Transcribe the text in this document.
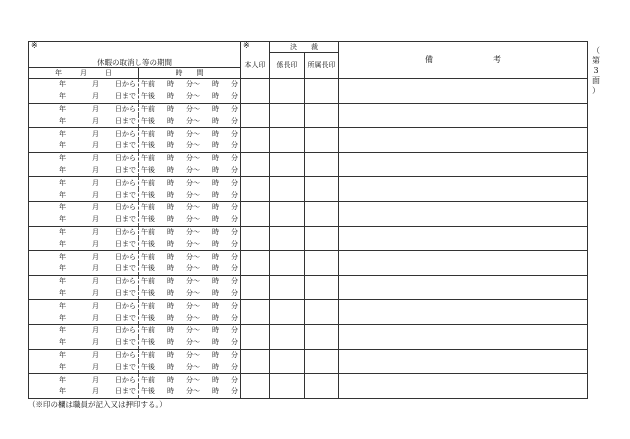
※		※	決　　裁		備 考
休暇の取消し等の期間		本人印	係長印	所属長印	

年 月 日	時　　間				

年 月 日から	午前 時 分～ 時 分				

年 月 日まで	午後 時 分～ 時 分				

年 月 日から	午前 時 分～ 時 分				

年 月 日まで	午後 時 分～ 時 分				

年 月 日から	午前 時 分～ 時 分				

年 月 日まで	午後 時 分～ 時 分				

年 月 日から	午前 時 分～ 時 分				

年 月 日まで	午後 時 分～ 時 分				

年 月 日から	午前 時 分～ 時 分				

年 月 日まで	午後 時 分～ 時 分				

年 月 日から	午前 時 分～ 時 分				

年 月 日まで	午後 時 分～ 時 分				

年 月 日から	午前 時 分～ 時 分				

年 月 日まで	午後 時 分～ 時 分				

年 月 日から	午前 時 分～ 時 分				

年 月 日まで	午後 時 分～ 時 分				

年 月 日から	午前 時 分～ 時 分				

年 月 日まで	午後 時 分～ 時 分				

年 月 日から	午前 時 分～ 時 分				

年 月 日まで	午後 時 分～ 時 分				

年 月 日から	午前 時 分～ 時 分				

年 月 日まで	午後 時 分～ 時 分				

年 月 日から	午前 時 分～ 時 分				

年 月 日まで	午後 時 分～ 時 分				

年 月 日から	午前 時 分～ 時 分				

年 月 日まで	午後 時 分～ 時 分				
（
第
3
面
）
（※印の欄は職員が記入又は押印する。）
